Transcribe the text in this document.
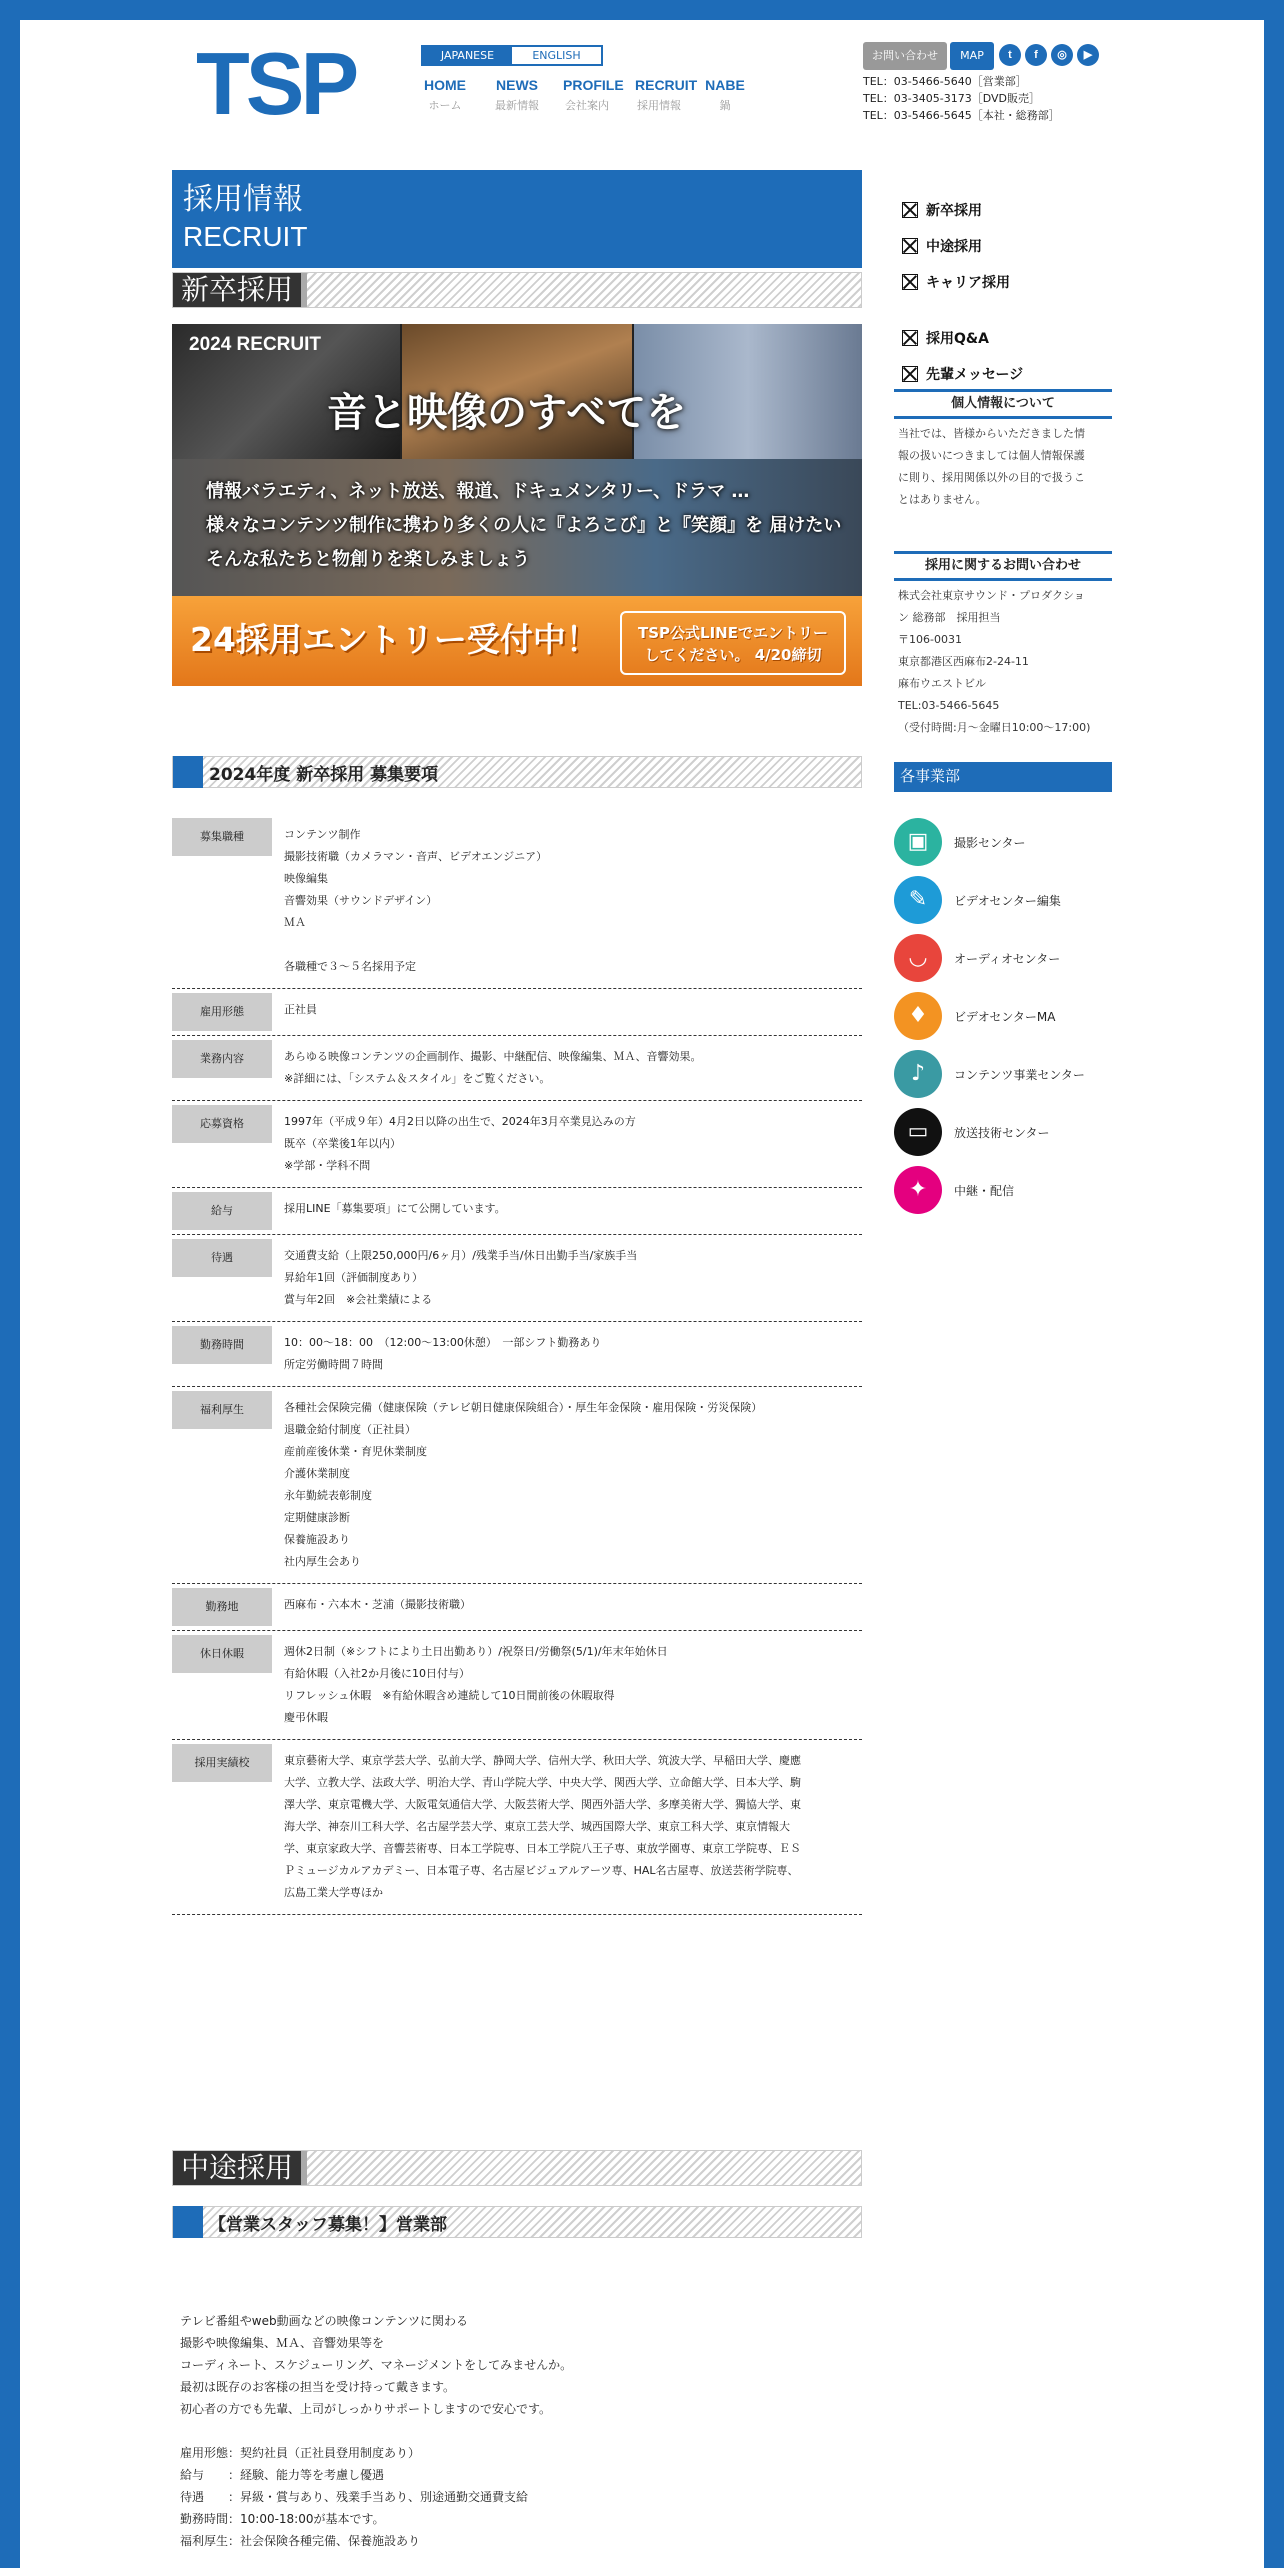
TSP	JAPANESE	ENGLISH
HOME
ホーム
NEWS
最新情報
PROFILE
会社案内
RECRUIT
採用情報
NABE
鍋
お問い合わせ	MAP	t	f	◎	▶
TEL：03-5466-5640［営業部］
TEL：03-3405-3173［DVD販売］
TEL：03-5466-5645［本社・総務部］
採用情報
RECRUIT
新卒採用
2024 RECRUIT
音と映像のすべてを
情報バラエティ、ネット放送、報道、ドキュメンタリー、ドラマ …
様々なコンテンツ制作に携わり多くの人に『よろこび』と『笑顔』を 届けたい
そんな私たちと物創りを楽しみましょう
24採用エントリー受付中！	TSP公式LINEでエントリー
してください。 4/20締切
2024年度 新卒採用 募集要項
募集職種	コンテンツ制作
撮影技術職（カメラマン・音声、ビデオエンジニア）
映像編集
音響効果（サウンドデザイン）
ＭＡ
各職種で３〜５名採用予定
雇用形態	正社員
業務内容	あらゆる映像コンテンツの企画制作、撮影、中継配信、映像編集、ＭＡ、音響効果。
※詳細には、「システム＆スタイル」をご覧ください。
応募資格	1997年（平成９年）4月2日以降の出生で、2024年3月卒業見込みの方
既卒（卒業後1年以内）
※学部・学科不問
給与	採用LINE「募集要項」にて公開しています。
待遇	交通費支給（上限250,000円/6ヶ月）/残業手当/休日出勤手当/家族手当
昇給年1回（評価制度あり）
賞与年2回　※会社業績による
勤務時間	10：00～18：00　（12:00～13:00休憩）　一部シフト勤務あり
所定労働時間７時間
福利厚生	各種社会保険完備（健康保険（テレビ朝日健康保険組合）・厚生年金保険・雇用保険・労災保険）
退職金給付制度（正社員）
産前産後休業・育児休業制度
介護休業制度
永年勤続表彰制度
定期健康診断
保養施設あり
社内厚生会あり
勤務地	西麻布・六本木・芝浦（撮影技術職）
休日休暇	週休2日制（※シフトにより土日出勤あり）/祝祭日/労働祭(5/1)/年末年始休日
有給休暇（入社2か月後に10日付与）
リフレッシュ休暇　※有給休暇含め連続して10日間前後の休暇取得
慶弔休暇
採用実績校	東京藝術大学、東京学芸大学、弘前大学、静岡大学、信州大学、秋田大学、筑波大学、早稲田大学、慶應
大学、立教大学、法政大学、明治大学、青山学院大学、中央大学、関西大学、立命館大学、日本大学、駒
澤大学、東京電機大学、大阪電気通信大学、大阪芸術大学、関西外語大学、多摩美術大学、獨協大学、東
海大学、神奈川工科大学、名古屋学芸大学、東京工芸大学、城西国際大学、東京工科大学、東京情報大
学、東京家政大学、音響芸術専、日本工学院専、日本工学院八王子専、東放学園専、東京工学院専、ＥＳ
Ｐミュージカルアカデミー、日本電子専、名古屋ビジュアルアーツ専、HAL名古屋専、放送芸術学院専、
広島工業大学専ほか
中途採用
【営業スタッフ募集！】営業部
テレビ番組やweb動画などの映像コンテンツに関わる
撮影や映像編集、ＭＡ、音響効果等を
コーディネート、スケジューリング、マネージメントをしてみませんか。
最初は既存のお客様の担当を受け持って戴きます。
初心者の方でも先輩、上司がしっかりサポートしますので安心です。
雇用形態：契約社員（正社員登用制度あり）
給与　　：経験、能力等を考慮し優遇
待遇　　：昇級・賞与あり、残業手当あり、別途通勤交通費支給
勤務時間：10:00-18:00が基本です。
福利厚生：社会保険各種完備、保養施設あり
新卒採用
中途採用
キャリア採用
採用Q&A
先輩メッセージ
個人情報について
当社では、皆様からいただきました情
報の扱いにつきましては個人情報保護
に則り、採用関係以外の目的で扱うこ
とはありません。
採用に関するお問い合わせ
株式会社東京サウンド・プロダクショ
ン 総務部　採用担当
〒106-0031
東京都港区西麻布2-24-11
麻布ウエストビル
TEL:03-5466-5645
（受付時間:月～金曜日10:00～17:00)
各事業部
▣	撮影センター
✎	ビデオセンター編集
◡	オーディオセンター
♦	ビデオセンターMA
♪	コンテンツ事業センター
▭	放送技術センター
✦	中継・配信
